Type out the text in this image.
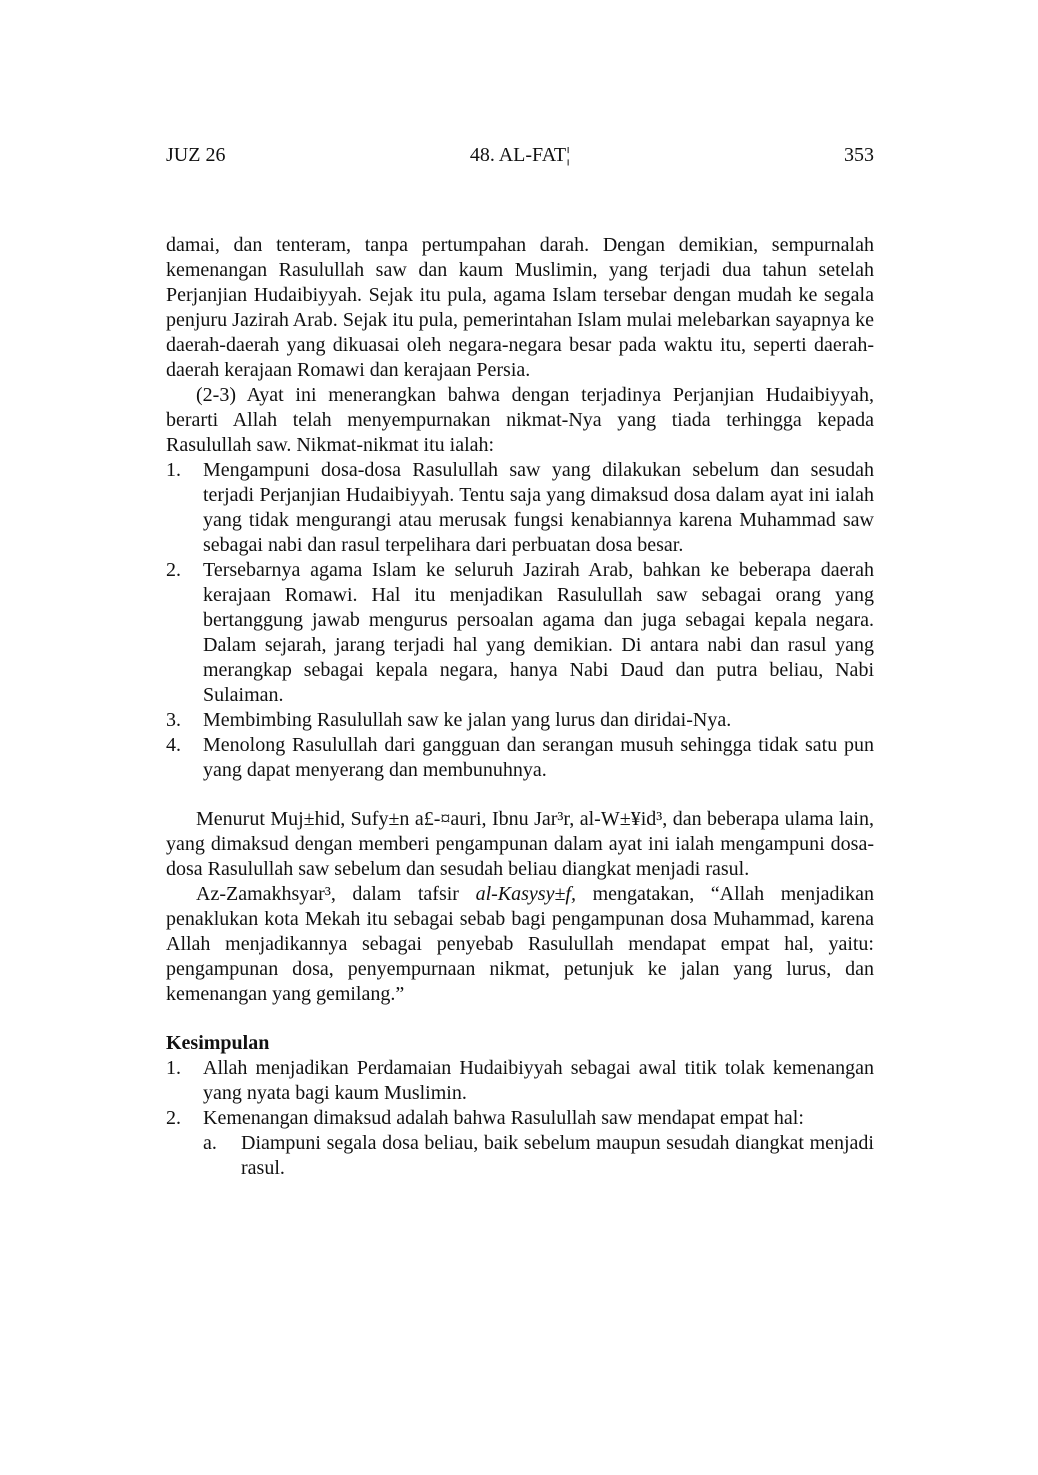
JUZ 26	48. AL-FAT¦	353

damai, dan tenteram, tanpa pertumpahan darah. Dengan demikian, sempurnalah kemenangan Rasulullah saw dan kaum Muslimin, yang terjadi dua tahun setelah Perjanjian Hudaibiyyah. Sejak itu pula, agama Islam tersebar dengan mudah ke segala penjuru Jazirah Arab. Sejak itu pula, pemerintahan Islam mulai melebarkan sayapnya ke daerah-daerah yang dikuasai oleh negara-negara besar pada waktu itu, seperti daerah-daerah kerajaan Romawi dan kerajaan Persia.

(2-3) Ayat ini menerangkan bahwa dengan terjadinya Perjanjian Hudaibiyyah, berarti Allah telah menyempurnakan nikmat-Nya yang tiada terhingga kepada Rasulullah saw. Nikmat-nikmat itu ialah:

1. Mengampuni dosa-dosa Rasulullah saw yang dilakukan sebelum dan sesudah terjadi Perjanjian Hudaibiyyah. Tentu saja yang dimaksud dosa dalam ayat ini ialah yang tidak mengurangi atau merusak fungsi kenabiannya karena Muhammad saw sebagai nabi dan rasul terpelihara dari perbuatan dosa besar.
2. Tersebarnya agama Islam ke seluruh Jazirah Arab, bahkan ke beberapa daerah kerajaan Romawi. Hal itu menjadikan Rasulullah saw sebagai orang yang bertanggung jawab mengurus persoalan agama dan juga sebagai kepala negara. Dalam sejarah, jarang terjadi hal yang demikian. Di antara nabi dan rasul yang merangkap sebagai kepala negara, hanya Nabi Daud dan putra beliau, Nabi Sulaiman.
3. Membimbing Rasulullah saw ke jalan yang lurus dan diridai-Nya.
4. Menolong Rasulullah dari gangguan dan serangan musuh sehingga tidak satu pun yang dapat menyerang dan membunuhnya.

Menurut Muj±hid, Sufy±n a£-¤auri, Ibnu Jar³r, al-W±¥id³, dan beberapa ulama lain, yang dimaksud dengan memberi pengampunan dalam ayat ini ialah mengampuni dosa-dosa Rasulullah saw sebelum dan sesudah beliau diangkat menjadi rasul.

Az-Zamakhsyar³, dalam tafsir al-Kasysy±f, mengatakan, “Allah menjadikan penaklukan kota Mekah itu sebagai sebab bagi pengampunan dosa Muhammad, karena Allah menjadikannya sebagai penyebab Rasulullah mendapat empat hal, yaitu: pengampunan dosa, penyempurnaan nikmat, petunjuk ke jalan yang lurus, dan kemenangan yang gemilang.”

Kesimpulan

1. Allah menjadikan Perdamaian Hudaibiyyah sebagai awal titik tolak kemenangan yang nyata bagi kaum Muslimin.
2. Kemenangan dimaksud adalah bahwa Rasulullah saw mendapat empat hal:
a. Diampuni segala dosa beliau, baik sebelum maupun sesudah diangkat menjadi rasul.
